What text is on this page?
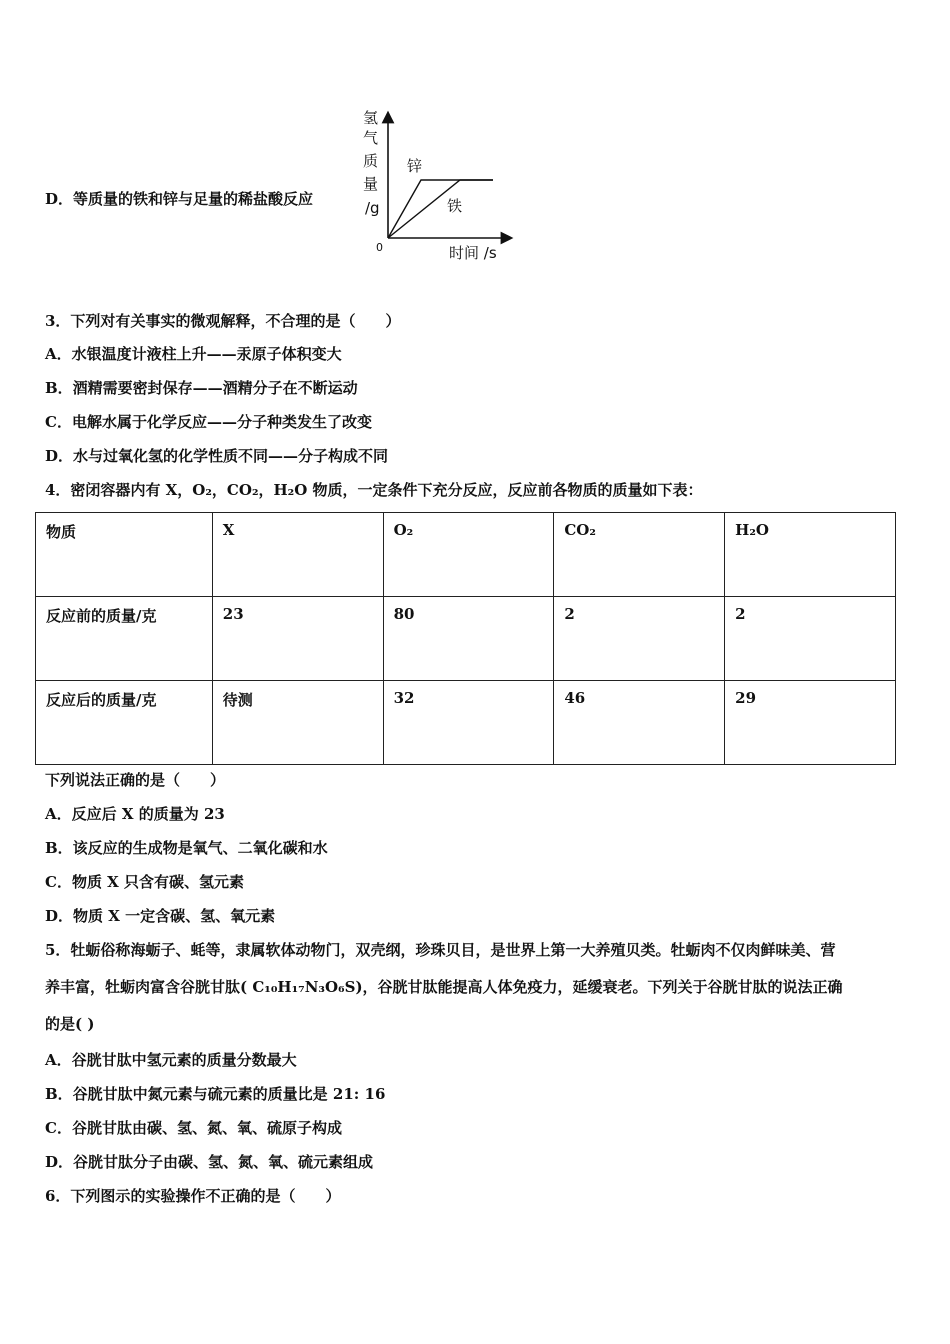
D．等质量的铁和锌与足量的稀盐酸反应
氢
气
质
量
/g
0	时间 /s
锌
铁
3．下列对有关事实的微观解释，不合理的是（　　）
A．水银温度计液柱上升——汞原子体积变大
B．酒精需要密封保存——酒精分子在不断运动
C．电解水属于化学反应——分子种类发生了改变
D．水与过氧化氢的化学性质不同——分子构成不同
4．密闭容器内有 X，O₂，CO₂，H₂O 物质，一定条件下充分反应，反应前各物质的质量如下表：
物质	X	O₂	CO₂	H₂O
反应前的质量/克	23	80	2	2
反应后的质量/克	待测	32	46	29
下列说法正确的是（　　）
A．反应后 X 的质量为 23
B．该反应的生成物是氧气、二氧化碳和水
C．物质 X 只含有碳、氢元素
D．物质 X 一定含碳、氢、氧元素
5．牡蛎俗称海蛎子、蚝等，隶属软体动物门，双壳纲，珍珠贝目，是世界上第一大养殖贝类。牡蛎肉不仅肉鲜味美、营
养丰富，牡蛎肉富含谷胱甘肽( C₁₀H₁₇N₃O₆S)，谷胱甘肽能提高人体免疫力，延缓衰老。下列关于谷胱甘肽的说法正确
的是( )
A．谷胱甘肽中氢元素的质量分数最大
B．谷胱甘肽中氮元素与硫元素的质量比是 21: 16
C．谷胱甘肽由碳、氢、氮、氧、硫原子构成
D．谷胱甘肽分子由碳、氢、氮、氧、硫元素组成
6．下列图示的实验操作不正确的是（　　）
